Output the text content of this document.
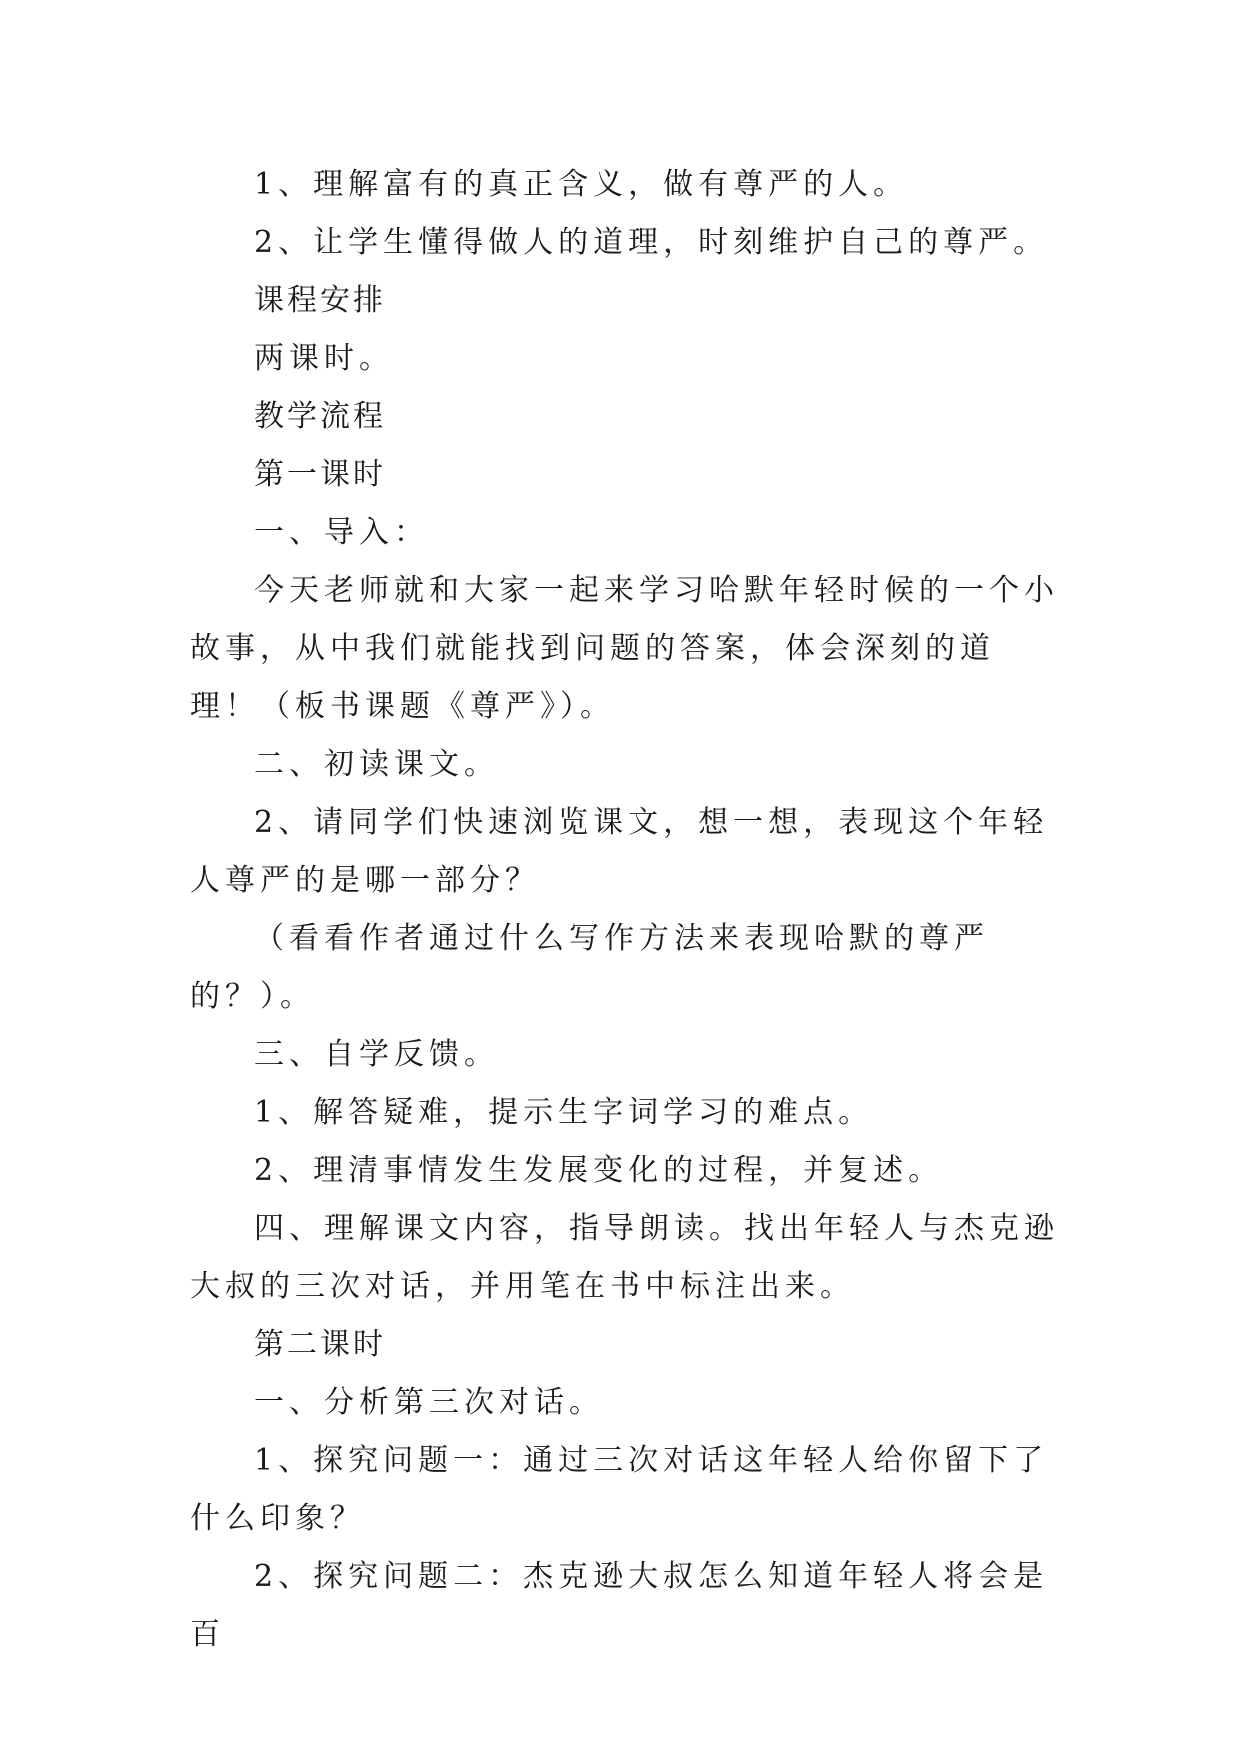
1、理解富有的真正含义，做有尊严的人。

2、让学生懂得做人的道理，时刻维护自己的尊严。

课程安排

两课时。

教学流程

第一课时

一、导入：

今天老师就和大家一起来学习哈默年轻时候的一个小故事，从中我们就能找到问题的答案，体会深刻的道理！（板书课题《尊严》）。

二、初读课文。

2、请同学们快速浏览课文，想一想，表现这个年轻人尊严的是哪一部分？

（看看作者通过什么写作方法来表现哈默的尊严的？）。

三、自学反馈。

1、解答疑难，提示生字词学习的难点。

2、理清事情发生发展变化的过程，并复述。

四、理解课文内容，指导朗读。找出年轻人与杰克逊大叔的三次对话，并用笔在书中标注出来。

第二课时

一、分析第三次对话。

1、探究问题一：通过三次对话这年轻人给你留下了什么印象？

2、探究问题二：杰克逊大叔怎么知道年轻人将会是百
